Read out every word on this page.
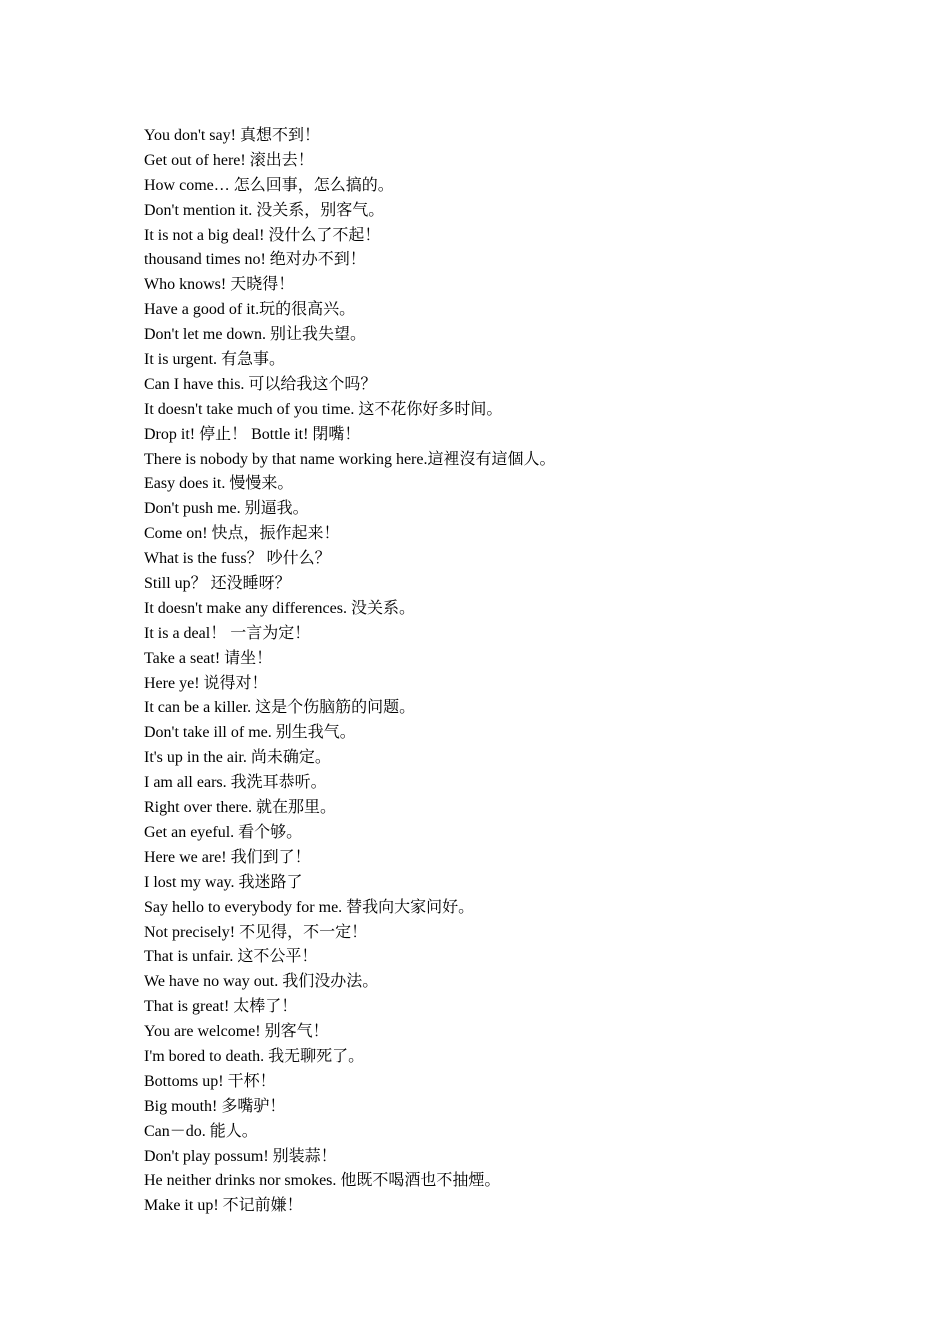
You don't say! 真想不到！
Get out of here! 滚出去！
How come… 怎么回事，怎么搞的。
Don't mention it. 没关系，别客气。
It is not a big deal! 没什么了不起！
thousand times no! 绝对办不到！
Who knows! 天晓得！
Have a good of it.玩的很高兴。
Don't let me down. 别让我失望。
It is urgent. 有急事。
Can I have this. 可以给我这个吗？
It doesn't take much of you time. 这不花你好多时间。
Drop it! 停止！ Bottle it! 閉嘴！
There is nobody by that name working here.這裡沒有這個人。
Easy does it. 慢慢来。
Don't push me. 别逼我。
Come on! 快点，振作起来！
What is the fuss？ 吵什么？
Still up？ 还没睡呀？
It doesn't make any differences. 没关系。
It is a deal！ 一言为定！
Take a seat! 请坐！
Here ye! 说得对！
It can be a killer. 这是个伤脑筋的问题。
Don't take ill of me. 别生我气。
It's up in the air. 尚未确定。
I am all ears. 我洗耳恭听。
Right over there. 就在那里。
Get an eyeful. 看个够。
Here we are! 我们到了！
I lost my way. 我迷路了
Say hello to everybody for me. 替我向大家问好。
Not precisely! 不见得，不一定！
That is unfair. 这不公平！
We have no way out. 我们没办法。
That is great! 太棒了！
You are welcome! 别客气！
I'm bored to death. 我无聊死了。
Bottoms up! 干杯！
Big mouth! 多嘴驴！
Can－do. 能人。
Don't play possum! 别装蒜！
He neither drinks nor smokes. 他既不喝酒也不抽煙。
Make it up! 不记前嫌！
